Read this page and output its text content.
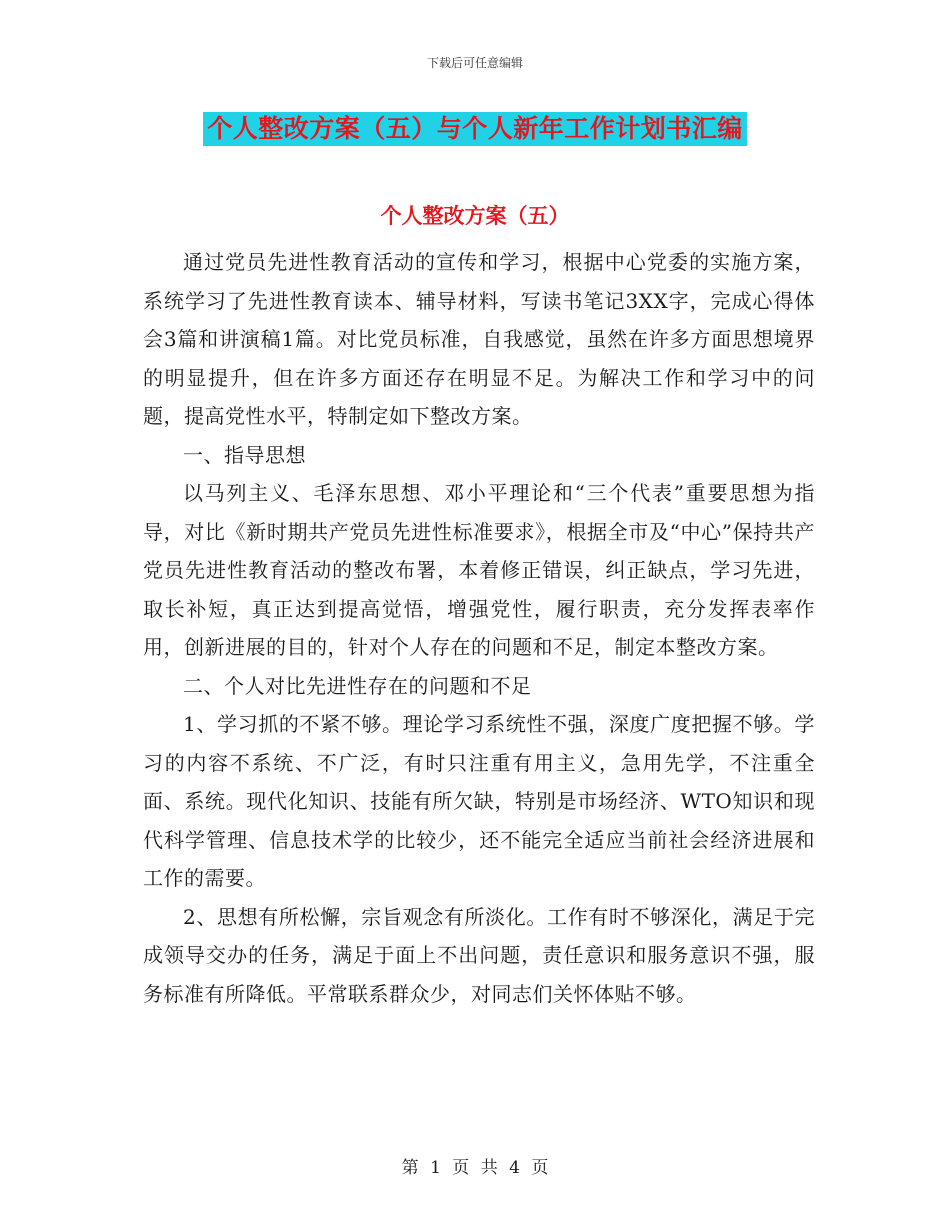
下载后可任意编辑
个人整改方案（五）与个人新年工作计划书汇编
个人整改方案（五）

通过党员先进性教育活动的宣传和学习，根据中心党委的实施方案，系统学习了先进性教育读本、辅导材料，写读书笔记3XX字，完成心得体会3篇和讲演稿1篇。对比党员标准，自我感觉，虽然在许多方面思想境界的明显提升，但在许多方面还存在明显不足。为解决工作和学习中的问题，提高党性水平，特制定如下整改方案。

一、指导思想

以马列主义、毛泽东思想、邓小平理论和“三个代表”重要思想为指导，对比《新时期共产党员先进性标准要求》，根据全市及“中心”保持共产党员先进性教育活动的整改布署，本着修正错误，纠正缺点，学习先进，取长补短，真正达到提高觉悟，增强党性，履行职责，充分发挥表率作用，创新进展的目的，针对个人存在的问题和不足，制定本整改方案。

二、个人对比先进性存在的问题和不足

1、学习抓的不紧不够。理论学习系统性不强，深度广度把握不够。学习的内容不系统、不广泛，有时只注重有用主义，急用先学，不注重全面、系统。现代化知识、技能有所欠缺，特别是市场经济、WTO知识和现代科学管理、信息技术学的比较少，还不能完全适应当前社会经济进展和工作的需要。

2、思想有所松懈，宗旨观念有所淡化。工作有时不够深化，满足于完成领导交办的任务，满足于面上不出问题，责任意识和服务意识不强，服务标准有所降低。平常联系群众少，对同志们关怀体贴不够。

第 1 页 共 4 页
